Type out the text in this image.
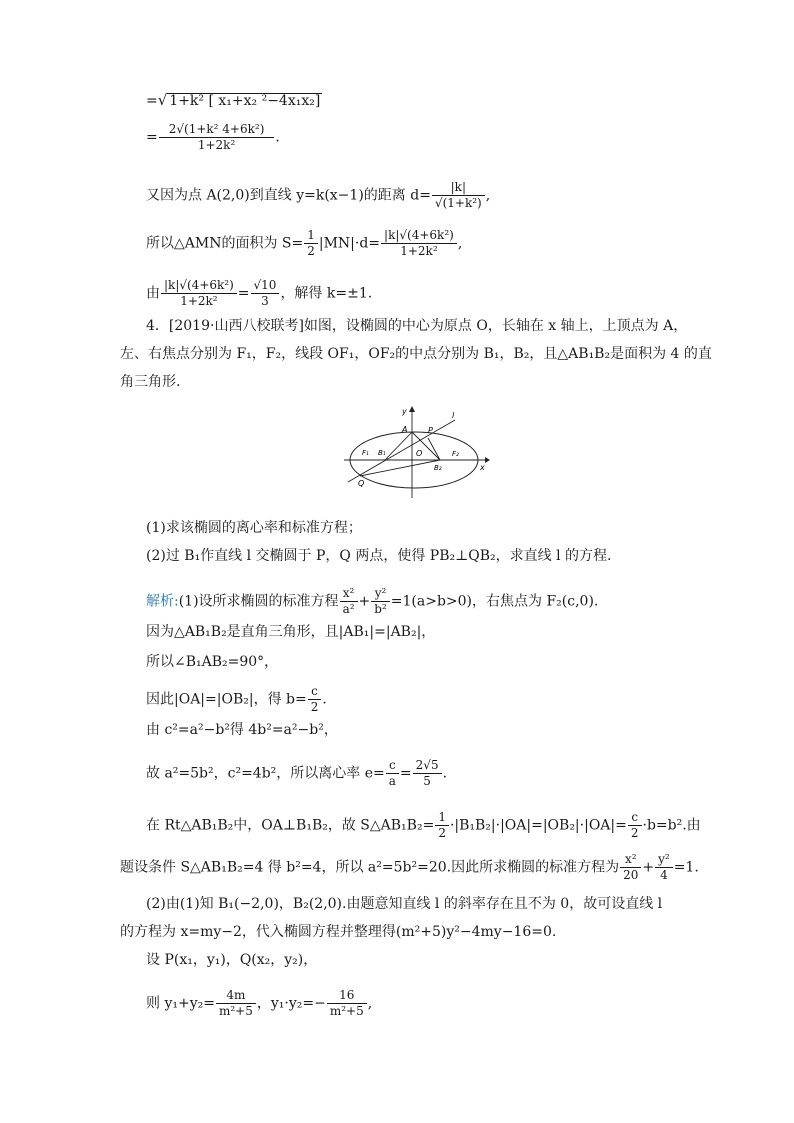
=√ 1+k² [ x₁+x₂ ²−4x₁x₂]
= $\frac{\text{2√(1+k² 4+6k²)}}{\text{1+2k²}}$ .
又因为点 A(2,0)到直线 y=k(x−1)的距离 $d= \frac{|k|}{\text{√(1+k²)}}$ ,
所以△AMN的面积为 $S= \frac{1}{2} |MN|\cdot d= \frac{\text{|k|√(4+6k²)}}{\text{1+2k²}}$ ,
由 $\frac{\text{|k|√(4+6k²)}}{\text{1+2k²}} = \frac{√10}{3}$ ，解得 k=±1.
4．[2019·山西八校联考]如图，设椭圆的中心为原点 O，长轴在 x 轴上，上顶点为 A，
左、右焦点分别为 F₁，F₂，线段 OF₁，OF₂的中点分别为 B₁，B₂，且△AB₁B₂是面积为 4 的直
角三角形.
y
x
l
A	P
O
F₁ B₁
B₂
F₂
Q
(1)求该椭圆的离心率和标准方程；
(2)过 B₁作直线 l 交椭圆于 P，Q 两点，使得 PB₂⊥QB₂，求直线 l 的方程.
解析:(1)设所求椭圆的标准方程 $\frac{\text{x²}}{\text{a²}} + \frac{\text{y²}}{\text{b²}} =1(a>b>0)$，右焦点为 F₂(c,0).
因为△AB₁B₂是直角三角形，且|AB₁|=|AB₂|，
所以∠B₁AB₂=90°，
因此|OA|=|OB₂|，得 $b= \frac{c}{2}$ .
由 c²=a²−b²得 4b²=a²−b²，
故 a²=5b²，c²=4b²，所以离心率 $e= \frac{c}{a} = \frac{2√5}{5}$ .
在 Rt△AB₁B₂中，OA⊥B₁B₂，故 S△AB₁B₂= $\frac{1}{2} \cdot|B_1B_2|\cdot|OA|=|OB_2|\cdot|OA|= \frac{c}{2} \cdot b=b^2$.由
题设条件 S△AB₁B₂=4 得 b²=4，所以 a²=5b²=20.因此所求椭圆的标准方程为 $\frac{\text{x²}}{20} + \frac{\text{y²}}{4} =1$.
(2)由(1)知 B₁(−2,0)，B₂(2,0).由题意知直线 l 的斜率存在且不为 0，故可设直线 l
的方程为 x=my−2，代入椭圆方程并整理得(m²+5)y²−4my−16=0.
设 P(x₁，y₁)，Q(x₂，y₂)，
则 $y_1+y_2= \frac{4m}{\text{m²+5}}$ ，$y_1\cdot y_2=- \frac{16}{\text{m²+5}}$ ,
